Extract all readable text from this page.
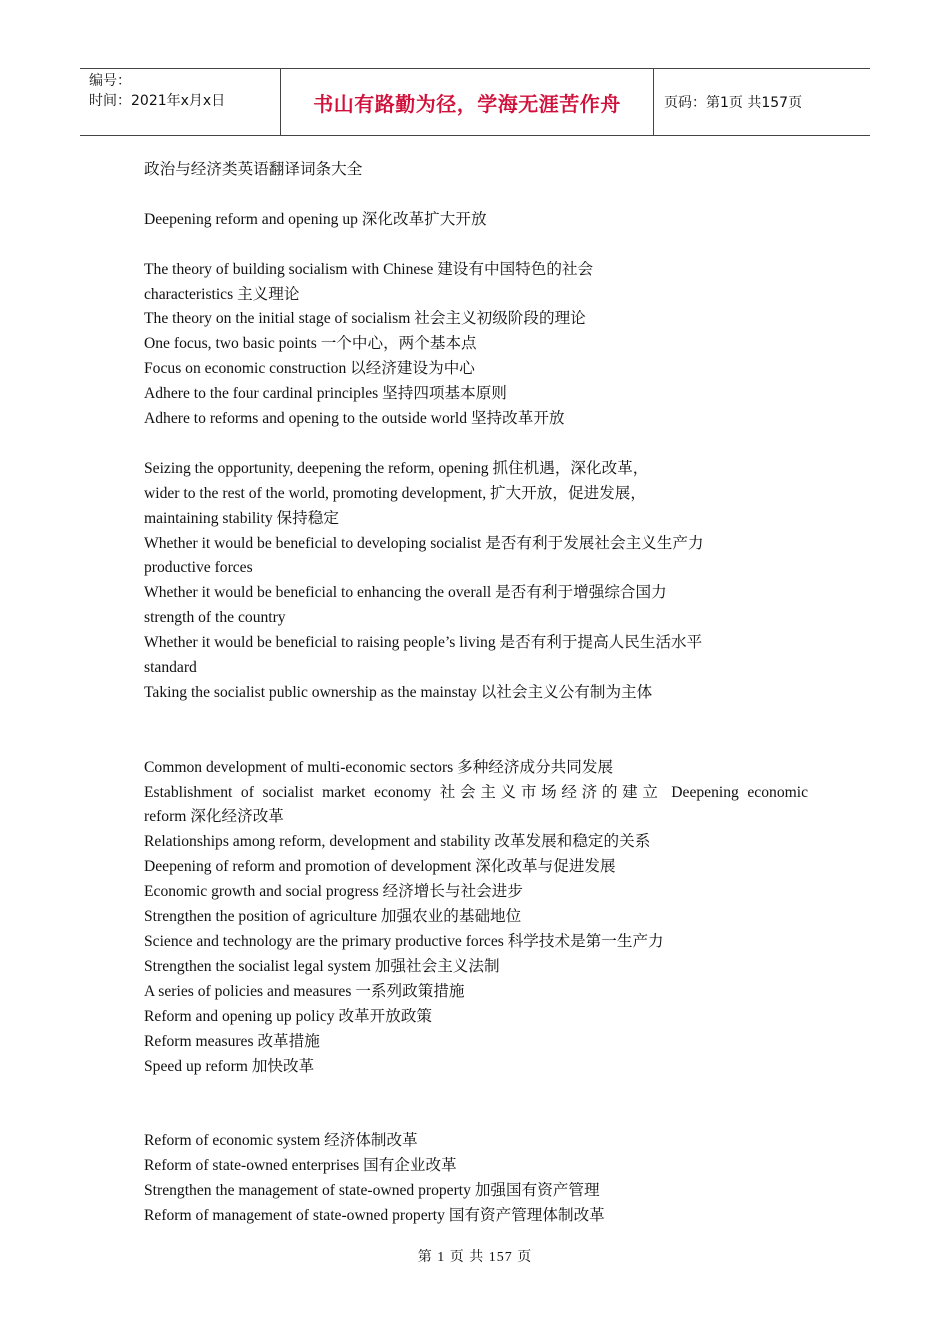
编号：
时间：2021年x月x日	书山有路勤为径，学海无涯苦作舟	页码：第1页 共157页
政治与经济类英语翻译词条大全
Deepening reform and opening up 深化改革扩大开放
The theory of building socialism with Chinese 建设有中国特色的社会
characteristics 主义理论
The theory on the initial stage of socialism 社会主义初级阶段的理论
One focus, two basic points 一个中心，两个基本点
Focus on economic construction 以经济建设为中心
Adhere to the four cardinal principles 坚持四项基本原则
Adhere to reforms and opening to the outside world 坚持改革开放
Seizing the opportunity, deepening the reform, opening 抓住机遇，深化改革，
wider to the rest of the world, promoting development, 扩大开放，促进发展，
maintaining stability 保持稳定
Whether it would be beneficial to developing socialist 是否有利于发展社会主义生产力
productive forces
Whether it would be beneficial to enhancing the overall 是否有利于增强综合国力
strength of the country
Whether it would be beneficial to raising people’s living 是否有利于提高人民生活水平
standard
Taking the socialist public ownership as the mainstay 以社会主义公有制为主体
Common development of multi-economic sectors 多种经济成分共同发展
Establishment of socialist market economy 社会主义市场经济的建立 Deepening economic
reform 深化经济改革
Relationships among reform, development and stability 改革发展和稳定的关系
Deepening of reform and promotion of development 深化改革与促进发展
Economic growth and social progress 经济增长与社会进步
Strengthen the position of agriculture 加强农业的基础地位
Science and technology are the primary productive forces 科学技术是第一生产力
Strengthen the socialist legal system 加强社会主义法制
A series of policies and measures 一系列政策措施
Reform and opening up policy 改革开放政策
Reform measures 改革措施
Speed up reform 加快改革
Reform of economic system 经济体制改革
Reform of state-owned enterprises 国有企业改革
Strengthen the management of state-owned property 加强国有资产管理
Reform of management of state-owned property 国有资产管理体制改革
第 1 页 共 157 页
